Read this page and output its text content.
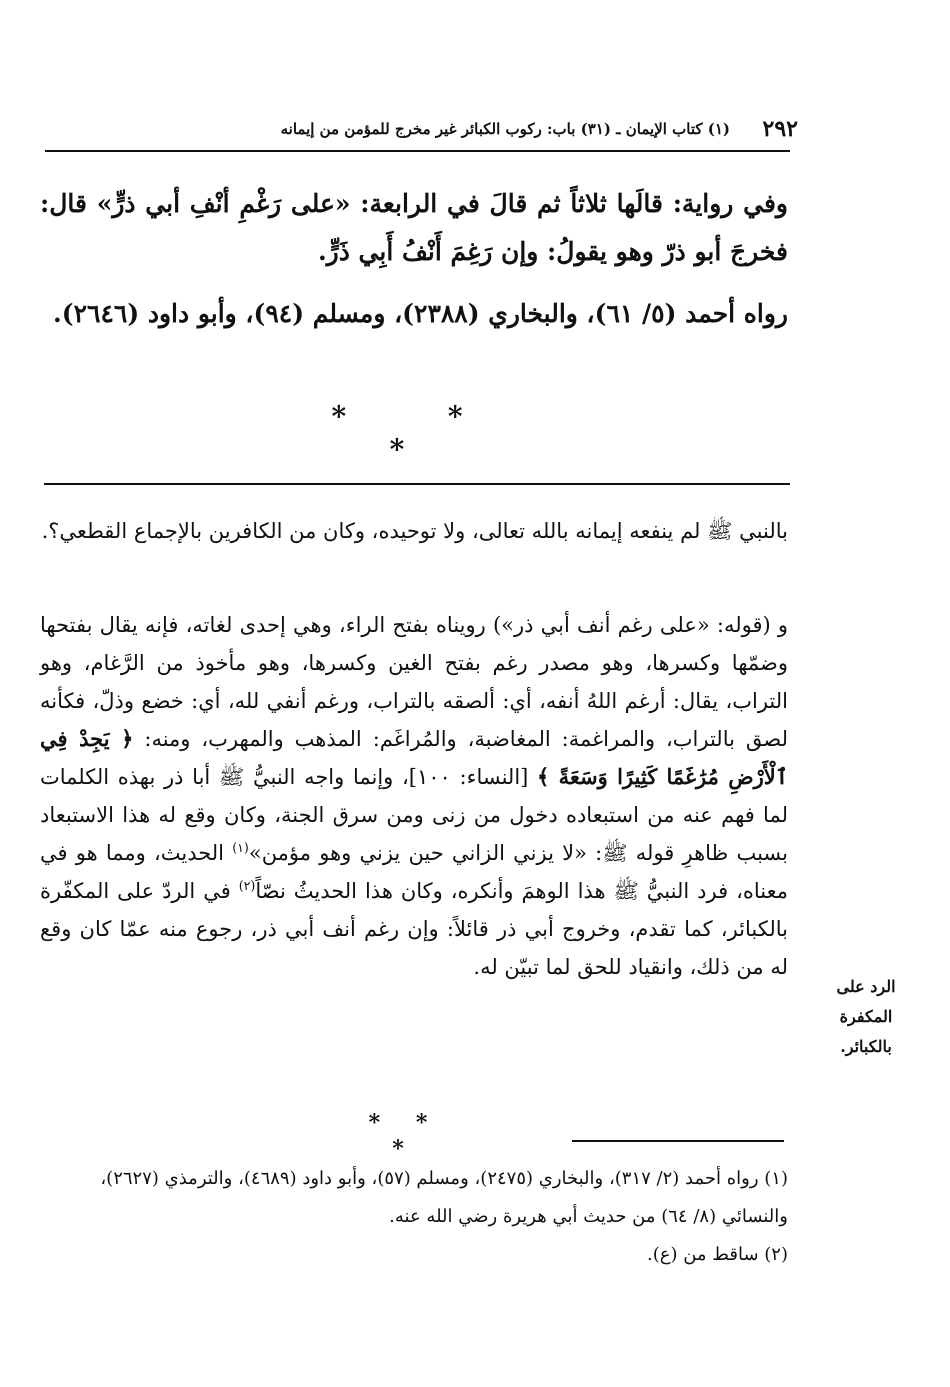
(١) كتاب الإيمان ـ (٣١) باب: ركوب الكبائر غير مخرج للمؤمن من إيمانه	٢٩٢
وفي رواية: قالَها ثلاثاً ثم قالَ في الرابعة: «على رَغْمِ أنْفِ أبي ذرٍّ» قال: فخرجَ أبو ذرّ وهو يقولُ: وإن رَغِمَ أَنْفُ أَبِي ذَرٍّ.
رواه أحمد (٥/ ٦١)، والبخاري (٢٣٨٨)، ومسلم (٩٤)، وأبو داود (٢٦٤٦).
* * *
بالنبي ﷺ لم ينفعه إيمانه بالله تعالى، ولا توحيده، وكان من الكافرين بالإجماع القطعي؟.
و (قوله: «على رغم أنف أبي ذر») رويناه بفتح الراء، وهي إحدى لغاته، فإنه يقال بفتحها وضمّها وكسرها، وهو مصدر رغم بفتح الغين وكسرها، وهو مأخوذ من الرَّغام، وهو التراب، يقال: أرغم اللهُ أنفه، أي: ألصقه بالتراب، ورغم أنفي لله، أي: خضع وذلّ، فكأنه لصق بالتراب، والمراغمة: المغاضبة، والمُراغَم: المذهب والمهرب، ومنه: ﴿ يَجِدْ فِي ٱلْأَرْضِ مُرَٰغَمًا كَثِيرًا وَسَعَةً ﴾ [النساء: ١٠٠]، وإنما واجه النبيُّ ﷺ أبا ذر بهذه الكلمات لما فهم عنه من استبعاده دخول من زنى ومن سرق الجنة، وكان وقع له هذا الاستبعاد بسبب ظاهرِ قوله ﷺ: «لا يزني الزاني حين يزني وهو مؤمن»$^{(١)}$ الحديث، ومما هو في معناه، فرد النبيُّ ﷺ هذا الوهمَ وأنكره، وكان هذا الحديثُ نصّاً$^{(٢)}$ في الردّ على المكفّرة بالكبائر، كما تقدم، وخروج أبي ذر قائلاً: وإن رغم أنف أبي ذر، رجوع منه عمّا كان وقع له من ذلك، وانقياد للحق لما تبيّن له.
الرد على المكفرة بالكبائر.
* * *
(١) رواه أحمد (٢/ ٣١٧)، والبخاري (٢٤٧٥)، ومسلم (٥٧)، وأبو داود (٤٦٨٩)، والترمذي (٢٦٢٧)، والنسائي (٨/ ٦٤) من حديث أبي هريرة رضي الله عنه.
(٢) ساقط من (ع).
